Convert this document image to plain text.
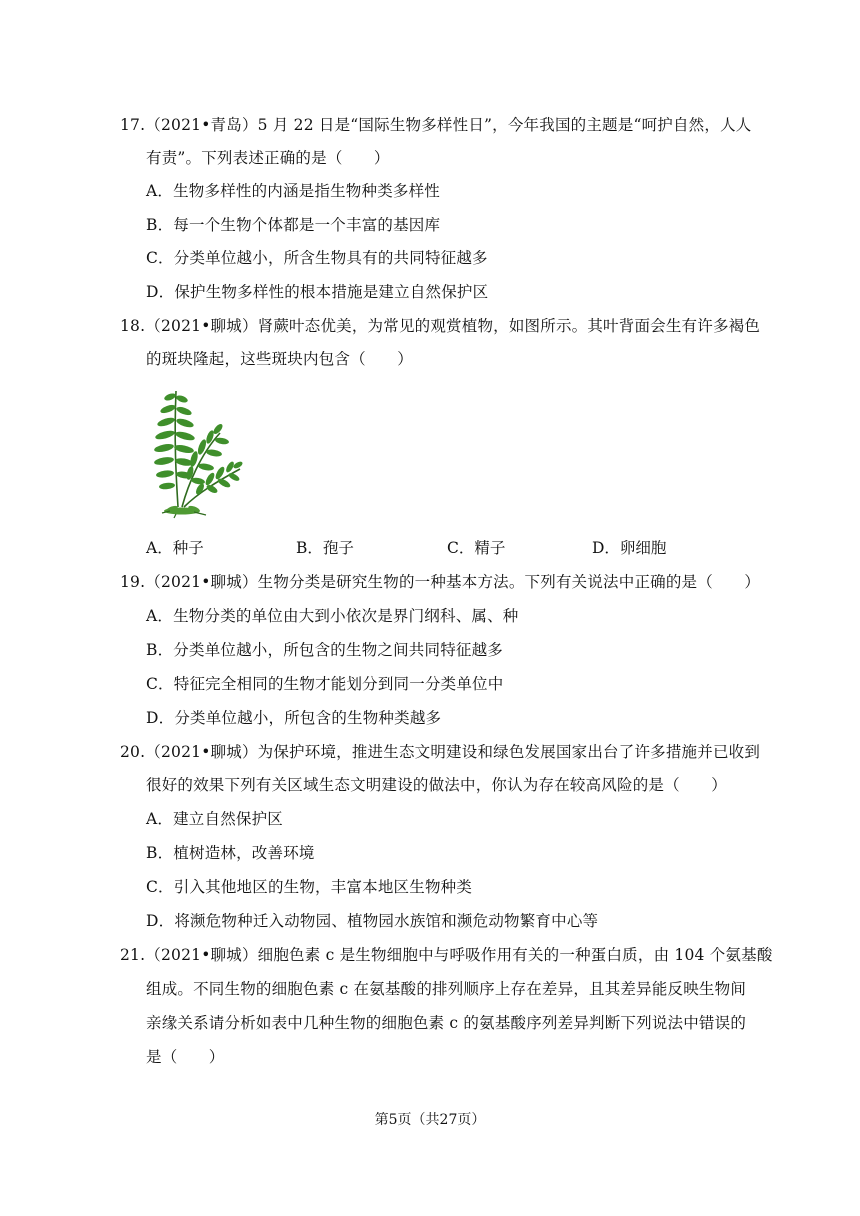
17.（2021•青岛）5 月 22 日是“国际生物多样性日”，今年我国的主题是“呵护自然，人人
有责”。下列表述正确的是（　　）
A．生物多样性的内涵是指生物种类多样性
B．每一个生物个体都是一个丰富的基因库
C．分类单位越小，所含生物具有的共同特征越多
D．保护生物多样性的根本措施是建立自然保护区
18.（2021•聊城）肾蕨叶态优美，为常见的观赏植物，如图所示。其叶背面会生有许多褐色
的斑块隆起，这些斑块内包含（　　）
A．种子	B．孢子	C．精子	D．卵细胞
19.（2021•聊城）生物分类是研究生物的一种基本方法。下列有关说法中正确的是（　　）
A．生物分类的单位由大到小依次是界门纲科、属、种
B．分类单位越小，所包含的生物之间共同特征越多
C．特征完全相同的生物才能划分到同一分类单位中
D．分类单位越小，所包含的生物种类越多
20.（2021•聊城）为保护环境，推进生态文明建设和绿色发展国家出台了许多措施并已收到
很好的效果下列有关区域生态文明建设的做法中，你认为存在较高风险的是（　　）
A．建立自然保护区
B．植树造林，改善环境
C．引入其他地区的生物，丰富本地区生物种类
D．将濒危物种迁入动物园、植物园水族馆和濒危动物繁育中心等
21.（2021•聊城）细胞色素 c 是生物细胞中与呼吸作用有关的一种蛋白质，由 104 个氨基酸
组成。不同生物的细胞色素 c 在氨基酸的排列顺序上存在差异，且其差异能反映生物间
亲缘关系请分析如表中几种生物的细胞色素 c 的氨基酸序列差异判断下列说法中错误的
是（　　）
第5页（共27页）
